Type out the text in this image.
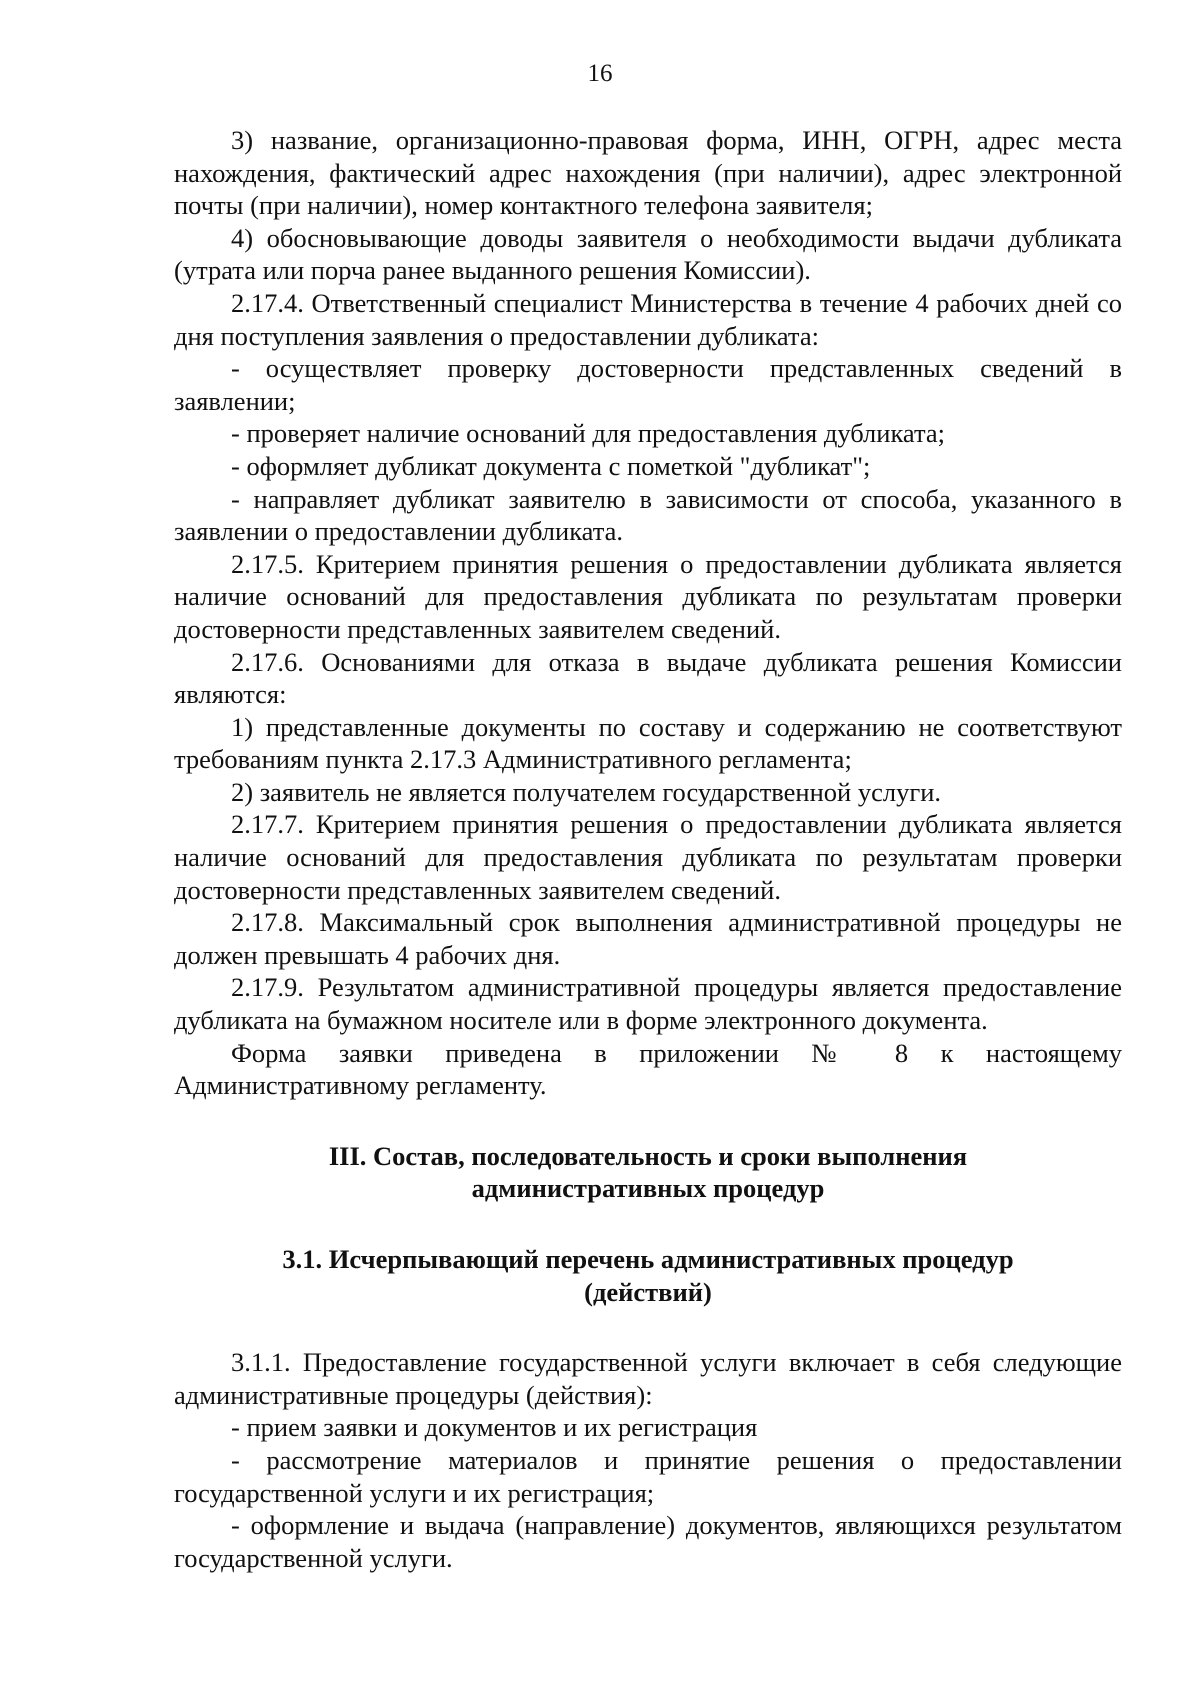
16

3) название, организационно-правовая форма, ИНН, ОГРН, адрес места нахождения, фактический адрес нахождения (при наличии), адрес электронной почты (при наличии), номер контактного телефона заявителя;

4) обосновывающие доводы заявителя о необходимости выдачи дубликата (утрата или порча ранее выданного решения Комиссии).

2.17.4. Ответственный специалист Министерства в течение 4 рабочих дней со дня поступления заявления о предоставлении дубликата:

- осуществляет проверку достоверности представленных сведений в заявлении;

- проверяет наличие оснований для предоставления дубликата;

- оформляет дубликат документа с пометкой "дубликат";

- направляет дубликат заявителю в зависимости от способа, указанного в заявлении о предоставлении дубликата.

2.17.5. Критерием принятия решения о предоставлении дубликата является наличие оснований для предоставления дубликата по результатам проверки достоверности представленных заявителем сведений.

2.17.6. Основаниями для отказа в выдаче дубликата решения Комиссии являются:

1) представленные документы по составу и содержанию не соответствуют требованиям пункта 2.17.3 Административного регламента;

2) заявитель не является получателем государственной услуги.

2.17.7. Критерием принятия решения о предоставлении дубликата является наличие оснований для предоставления дубликата по результатам проверки достоверности представленных заявителем сведений.

2.17.8. Максимальный срок выполнения административной процедуры не должен превышать 4 рабочих дня.

2.17.9. Результатом административной процедуры является предоставление дубликата на бумажном носителе или в форме электронного документа.

Форма заявки приведена в приложении № 8 к настоящему Административному регламенту.

III. Состав, последовательность и сроки выполнения
административных процедур
3.1. Исчерпывающий перечень административных процедур
(действий)

3.1.1. Предоставление государственной услуги включает в себя следующие административные процедуры (действия):

- прием заявки и документов и их регистрация

- рассмотрение материалов и принятие решения о предоставлении государственной услуги и их регистрация;

- оформление и выдача (направление) документов, являющихся результатом государственной услуги.
